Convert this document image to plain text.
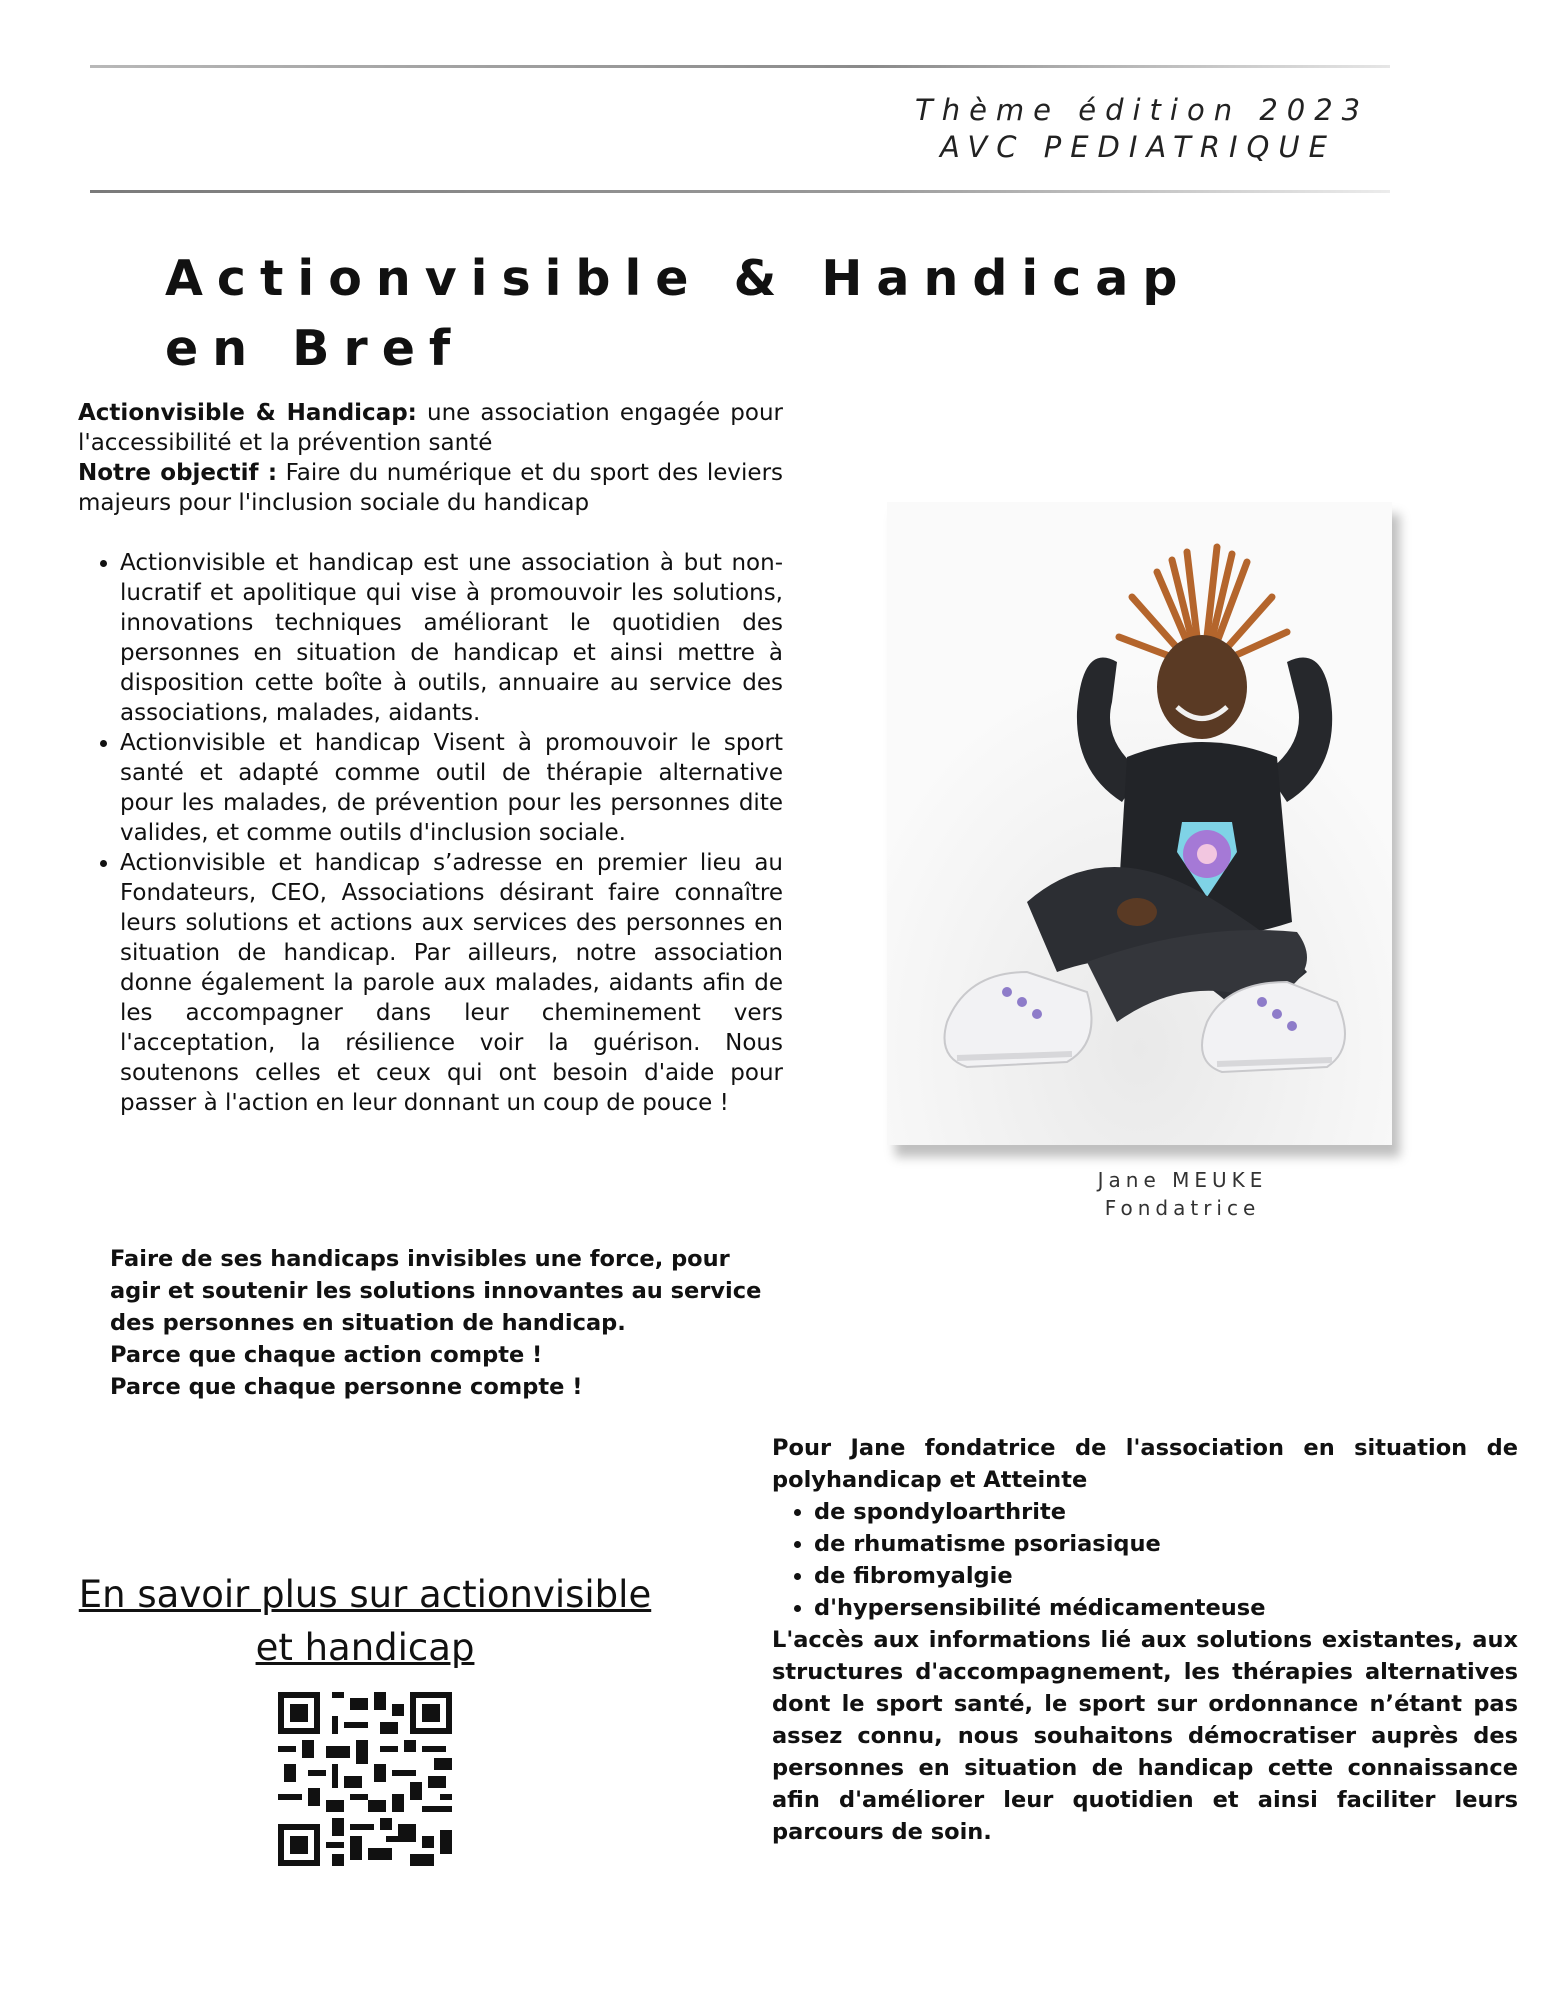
Thème édition 2023
AVC PEDIATRIQUE
Actionvisible & Handicap
en Bref

Actionvisible & Handicap: une association engagée pour l'accessibilité et la prévention santé

Notre objectif : Faire du numérique et du sport des leviers majeurs pour l'inclusion sociale du handicap

• Actionvisible et handicap est une association à but non-lucratif et apolitique qui vise à promouvoir les solutions, innovations techniques améliorant le quotidien des personnes en situation de handicap et ainsi mettre à disposition cette boîte à outils, annuaire au service des associations, malades, aidants.
• Actionvisible et handicap Visent à promouvoir le sport santé et adapté comme outil de thérapie alternative pour les malades, de prévention pour les personnes dite valides, et comme outils d'inclusion sociale.
• Actionvisible et handicap s’adresse en premier lieu au Fondateurs, CEO, Associations désirant faire connaître leurs solutions et actions aux services des personnes en situation de handicap. Par ailleurs, notre association donne également la parole aux malades, aidants afin de les accompagner dans leur cheminement vers l'acceptation, la résilience voir la guérison. Nous soutenons celles et ceux qui ont besoin d'aide pour passer à l'action en leur donnant un coup de pouce !
Faire de ses handicaps invisibles une force, pour
agir et soutenir les solutions innovantes au service
des personnes en situation de handicap.
Parce que chaque action compte !
Parce que chaque personne compte !
Jane MEUKE
Fondatrice
En savoir plus sur actionvisible
et handicap

Pour Jane fondatrice de l'association en situation de polyhandicap et Atteinte

• de spondyloarthrite
• de rhumatisme psoriasique
• de fibromyalgie
• d'hypersensibilité médicamenteuse

L'accès aux informations lié aux solutions existantes, aux structures d'accompagnement, les thérapies alternatives dont le sport santé, le sport sur ordonnance n’étant pas assez connu, nous souhaitons démocratiser auprès des personnes en situation de handicap cette connaissance afin d'améliorer leur quotidien et ainsi faciliter leurs parcours de soin.
